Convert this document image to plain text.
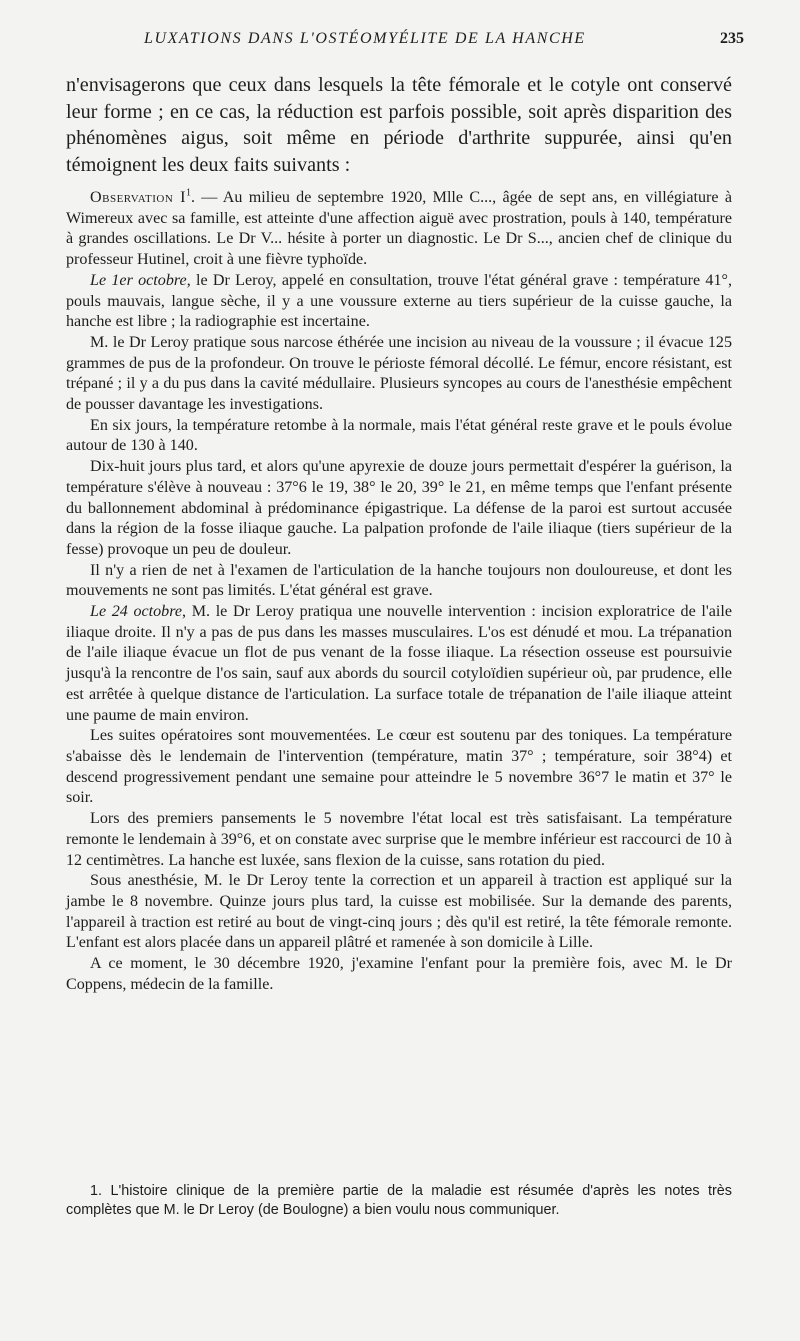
LUXATIONS DANS L'OSTÉOMYÉLITE DE LA HANCHE	235
n'envisagerons que ceux dans lesquels la tête fémorale et le cotyle ont conservé leur forme ; en ce cas, la réduction est parfois possible, soit après disparition des phénomènes aigus, soit même en période d'arthrite suppurée, ainsi qu'en témoignent les deux faits suivants :

Observation $I^1$. — Au milieu de septembre 1920, Mlle C..., âgée de sept ans, en villégiature à Wimereux avec sa famille, est atteinte d'une affection aiguë avec prostration, pouls à 140, température à grandes oscillations. Le Dr V... hésite à porter un diagnostic. Le Dr S..., ancien chef de clinique du professeur Hutinel, croit à une fièvre typhoïde.

Le 1er octobre, le Dr Leroy, appelé en consultation, trouve l'état général grave : température 41°, pouls mauvais, langue sèche, il y a une voussure externe au tiers supérieur de la cuisse gauche, la hanche est libre ; la radiographie est incertaine.

M. le Dr Leroy pratique sous narcose éthérée une incision au niveau de la voussure ; il évacue 125 grammes de pus de la profondeur. On trouve le périoste fémoral décollé. Le fémur, encore résistant, est trépané ; il y a du pus dans la cavité médullaire. Plusieurs syncopes au cours de l'anesthésie empêchent de pousser davantage les investigations.

En six jours, la température retombe à la normale, mais l'état général reste grave et le pouls évolue autour de 130 à 140.

Dix-huit jours plus tard, et alors qu'une apyrexie de douze jours permettait d'espérer la guérison, la température s'élève à nouveau : 37°6 le 19, 38° le 20, 39° le 21, en même temps que l'enfant présente du ballonnement abdominal à prédominance épigastrique. La défense de la paroi est surtout accusée dans la région de la fosse iliaque gauche. La palpation profonde de l'aile iliaque (tiers supérieur de la fesse) provoque un peu de douleur.

Il n'y a rien de net à l'examen de l'articulation de la hanche toujours non douloureuse, et dont les mouvements ne sont pas limités. L'état général est grave.

Le 24 octobre, M. le Dr Leroy pratiqua une nouvelle intervention : incision exploratrice de l'aile iliaque droite. Il n'y a pas de pus dans les masses musculaires. L'os est dénudé et mou. La trépanation de l'aile iliaque évacue un flot de pus venant de la fosse iliaque. La résection osseuse est poursuivie jusqu'à la rencontre de l'os sain, sauf aux abords du sourcil cotyloïdien supérieur où, par prudence, elle est arrêtée à quelque distance de l'articulation. La surface totale de trépanation de l'aile iliaque atteint une paume de main environ.

Les suites opératoires sont mouvementées. Le cœur est soutenu par des toniques. La température s'abaisse dès le lendemain de l'intervention (température, matin 37° ; température, soir 38°4) et descend progressivement pendant une semaine pour atteindre le 5 novembre 36°7 le matin et 37° le soir.

Lors des premiers pansements le 5 novembre l'état local est très satisfaisant. La température remonte le lendemain à 39°6, et on constate avec surprise que le membre inférieur est raccourci de 10 à 12 centimètres. La hanche est luxée, sans flexion de la cuisse, sans rotation du pied.

Sous anesthésie, M. le Dr Leroy tente la correction et un appareil à traction est appliqué sur la jambe le 8 novembre. Quinze jours plus tard, la cuisse est mobilisée. Sur la demande des parents, l'appareil à traction est retiré au bout de vingt-cinq jours ; dès qu'il est retiré, la tête fémorale remonte. L'enfant est alors placée dans un appareil plâtré et ramenée à son domicile à Lille.

A ce moment, le 30 décembre 1920, j'examine l'enfant pour la première fois, avec M. le Dr Coppens, médecin de la famille.

1. L'histoire clinique de la première partie de la maladie est résumée d'après les notes très complètes que M. le Dr Leroy (de Boulogne) a bien voulu nous communiquer.
